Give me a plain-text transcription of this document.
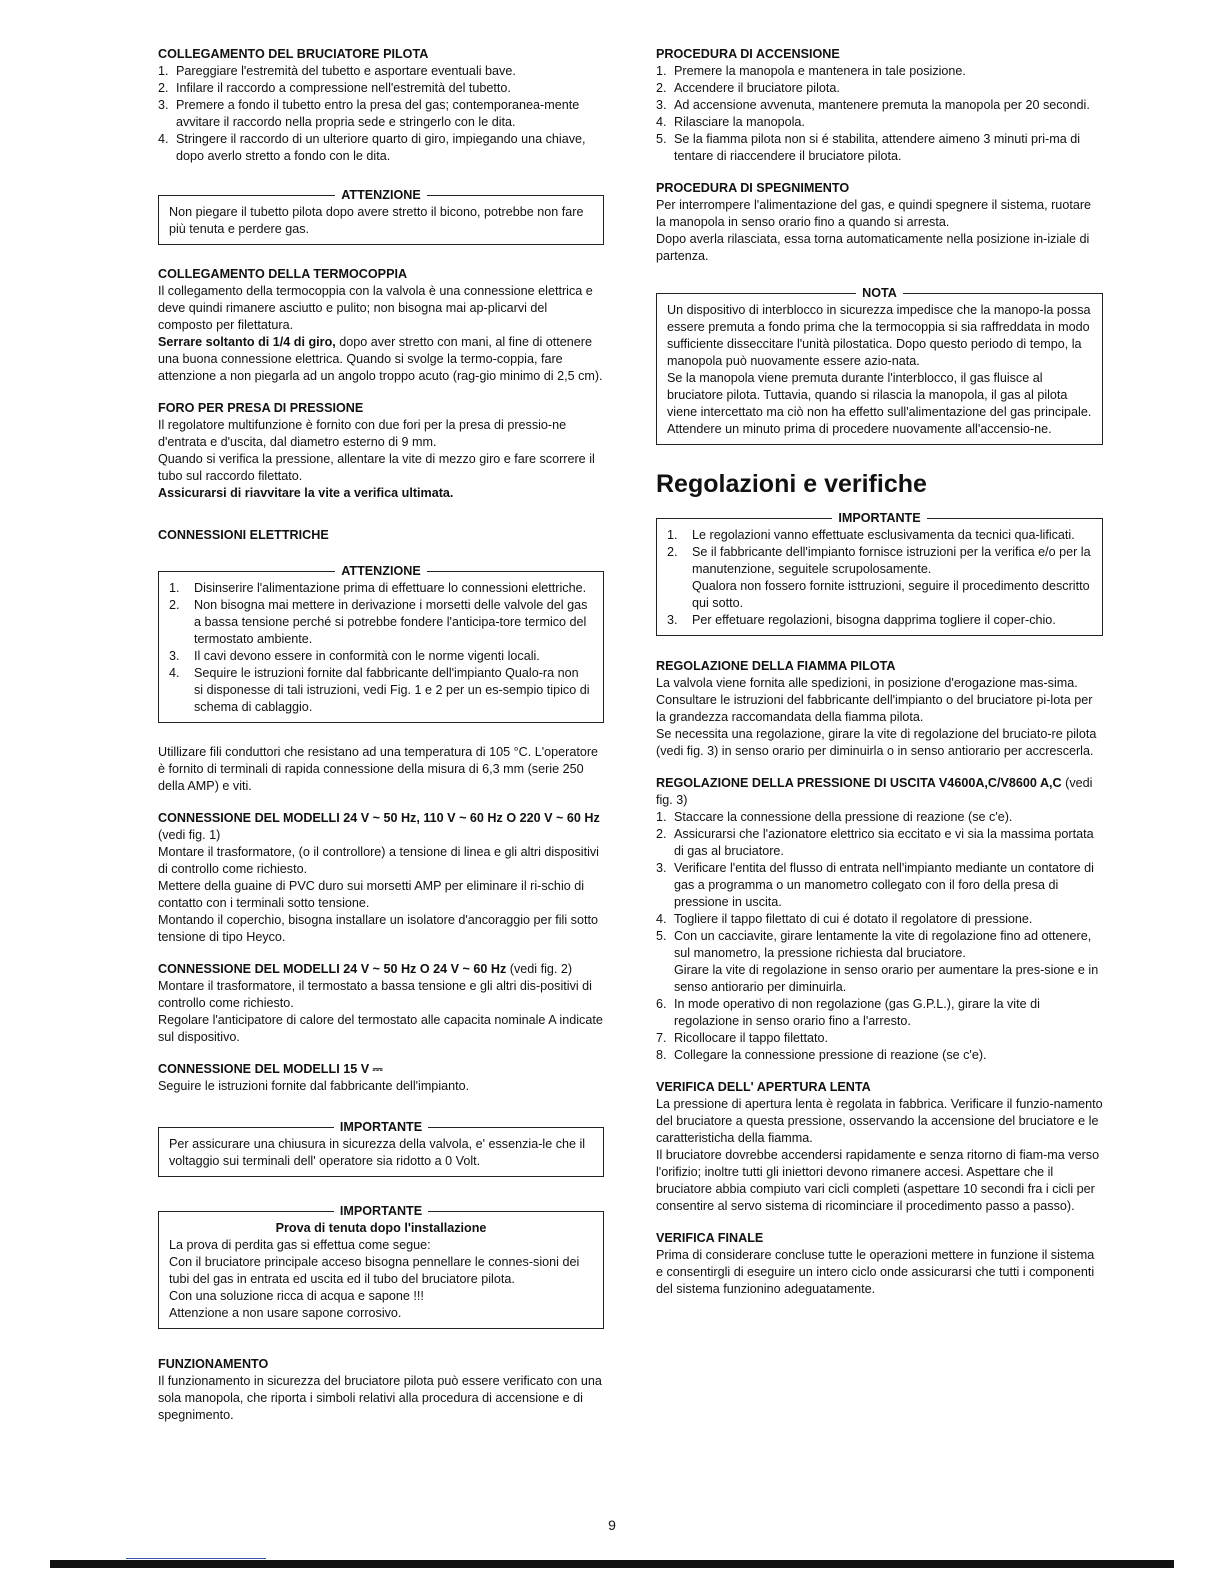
COLLEGAMENTO DEL BRUCIATORE PILOTA

1. Pareggiare l'estremità del tubetto e asportare eventuali bave.
2. Infilare il raccordo a compressione nell'estremità del tubetto.
3. Premere a fondo il tubetto entro la presa del gas; contemporanea-mente avvitare il raccordo nella propria sede e stringerlo con le dita.
4. Stringere il raccordo di un ulteriore quarto di giro, impiegando una chiave, dopo averlo stretto a fondo con le dita.
ATTENZIONE

Non piegare il tubetto pilota dopo avere stretto il bicono, potrebbe non fare più tenuta e perdere gas.

COLLEGAMENTO DELLA TERMOCOPPIA

Il collegamento della termocoppia con la valvola è una connessione elettrica e deve quindi rimanere asciutto e pulito; non bisogna mai ap-plicarvi del composto per filettatura.

Serrare soltanto di 1/4 di giro, dopo aver stretto con mani, al fine di ottenere una buona connessione elettrica. Quando si svolge la termo-coppia, fare attenzione a non piegarla ad un angolo troppo acuto (rag-gio minimo di 2,5 cm).

FORO PER PRESA DI PRESSIONE

Il regolatore multifunzione è fornito con due fori per la presa di pressio-ne d'entrata e d'uscita, dal diametro esterno di 9 mm.

Quando si verifica la pressione, allentare la vite di mezzo giro e fare scorrere il tubo sul raccordo filettato.

Assicurarsi di riavvitare la vite a verifica ultimata.

CONNESSIONI ELETTRICHE

ATTENZIONE
1. Disinserire l'alimentazione prima di effettuare lo connessioni elettriche.
2. Non bisogna mai mettere in derivazione i morsetti delle valvole del gas a bassa tensione perché si potrebbe fondere l'anticipa-tore termico del termostato ambiente.
3. Il cavi devono essere in conformità con le norme vigenti locali.
4. Sequire le istruzioni fornite dal fabbricante dell'impianto Qualo-ra non si disponesse di tali istruzioni, vedi Fig. 1 e 2 per un es-sempio tipico di schema di cablaggio.

Utillizare fili conduttori che resistano ad una temperatura di 105 °C. L'operatore è fornito di terminali di rapida connessione della misura di 6,3 mm (serie 250 della AMP) e viti.

CONNESSIONE DEL MODELLI 24 V ~ 50 Hz, 110 V ~ 60 Hz O 220 V ~ 60 Hz (vedi fig. 1)

Montare il trasformatore, (o il controllore) a tensione di linea e gli altri dispositivi di controllo come richiesto.

Mettere della guaine di PVC duro sui morsetti AMP per eliminare il ri-schio di contatto con i terminali sotto tensione.

Montando il coperchio, bisogna installare un isolatore d'ancoraggio per fili sotto tensione di tipo Heyco.

CONNESSIONE DEL MODELLI 24 V ~ 50 Hz O 24 V ~ 60 Hz (vedi fig. 2)

Montare il trasformatore, il termostato a bassa tensione e gli altri dis-positivi di controllo come richiesto.

Regolare l'anticipatore di calore del termostato alle capacita nominale A indicate sul dispositivo.

CONNESSIONE DEL MODELLI 15 V ⎓

Seguire le istruzioni fornite dal fabbricante dell'impianto.

IMPORTANTE

Per assicurare una chiusura in sicurezza della valvola, e' essenzia-le che il voltaggio sui terminali dell' operatore sia ridotto a 0 Volt.

IMPORTANTE

Prova di tenuta dopo l'installazione

La prova di perdita gas si effettua come segue:

Con il bruciatore principale acceso bisogna pennellare le connes-sioni dei tubi del gas in entrata ed uscita ed il tubo del bruciatore pilota.

Con una soluzione ricca di acqua e sapone !!!

Attenzione a non usare sapone corrosivo.

FUNZIONAMENTO

Il funzionamento in sicurezza del bruciatore pilota può essere verificato con una sola manopola, che riporta i simboli relativi alla procedura di accensione e di spegnimento.

PROCEDURA DI ACCENSIONE

1. Premere la manopola e mantenera in tale posizione.
2. Accendere il bruciatore pilota.
3. Ad accensione avvenuta, mantenere premuta la manopola per 20 secondi.
4. Rilasciare la manopola.
5. Se la fiamma pilota non si é stabilita, attendere aimeno 3 minuti pri-ma di tentare di riaccendere il bruciatore pilota.

PROCEDURA DI SPEGNIMENTO

Per interrompere l'alimentazione del gas, e quindi spegnere il sistema, ruotare la manopola in senso orario fino a quando si arresta.

Dopo averla rilasciata, essa torna automaticamente nella posizione in-iziale di partenza.

NOTA

Un dispositivo di interblocco in sicurezza impedisce che la manopo-la possa essere premuta a fondo prima che la termocoppia si sia raffreddata in modo sufficiente disseccitare l'unità pilostatica. Dopo questo periodo di tempo, la manopola può nuovamente essere azio-nata.

Se la manopola viene premuta durante l'interblocco, il gas fluisce al bruciatore pilota. Tuttavia, quando si rilascia la manopola, il gas al pilota viene intercettato ma ciò non ha effetto sull'alimentazione del gas principale.

Attendere un minuto prima di procedere nuovamente all'accensio-ne.

Regolazioni e verifiche

IMPORTANTE
1. Le regolazioni vanno effettuate esclusivamenta da tecnici qua-lificati.
2. Se il fabbricante dell'impianto fornisce istruzioni per la verifica e/o per la manutenzione, seguitele scrupolosamente.
Qualora non fossero fornite isttruzioni, seguire il procedimento descritto qui sotto.
3. Per effetuare regolazioni, bisogna dapprima togliere il coper-chio.

REGOLAZIONE DELLA FIAMMA PILOTA

La valvola viene fornita alle spedizioni, in posizione d'erogazione mas-sima.

Consultare le istruzioni del fabbricante dell'impianto o del bruciatore pi-lota per la grandezza raccomandata della fiamma pilota.

Se necessita una regolazione, girare la vite di regolazione del bruciato-re pilota (vedi fig. 3) in senso orario per diminuirla o in senso antiorario per accrescerla.

REGOLAZIONE DELLA PRESSIONE DI USCITA V4600A,C/V8600 A,C (vedi fig. 3)

1. Staccare la connessione della pressione di reazione (se c'e).
2. Assicurarsi che l'azionatore elettrico sia eccitato e vi sia la massima portata di gas al bruciatore.
3. Verificare l'entita del flusso di entrata nell'impianto mediante un contatore di gas a programma o un manometro collegato con il foro della presa di pressione in uscita.
4. Togliere il tappo filettato di cui é dotato il regolatore di pressione.
5. Con un cacciavite, girare lentamente la vite di regolazione fino ad ottenere, sul manometro, la pressione richiesta dal bruciatore.
Girare la vite di regolazione in senso orario per aumentare la pres-sione e in senso antiorario per diminuirla.
6. In mode operativo di non regolazione (gas G.P.L.), girare la vite di regolazione in senso orario fino a l'arresto.
7. Ricollocare il tappo filettato.
8. Collegare la connessione pressione di reazione (se c'e).

VERIFICA DELL' APERTURA LENTA

La pressione di apertura lenta è regolata in fabbrica. Verificare il funzio-namento del bruciatore a questa pressione, osservando la accensione del bruciatore e le caratteristicha della fiamma.

Il bruciatore dovrebbe accendersi rapidamente e senza ritorno di fiam-ma verso l'orifizio; inoltre tutti gli iniettori devono rimanere accesi. Aspettare che il bruciatore abbia compiuto vari cicli completi (aspettare 10 secondi fra i cicli per consentire al servo sistema di ricominciare il procedimento passo a passo).

VERIFICA FINALE

Prima di considerare concluse tutte le operazioni mettere in funzione il sistema e consentirgli di eseguire un intero ciclo onde assicurarsi che tutti i componenti del sistema funzionino adeguatamente.

9
